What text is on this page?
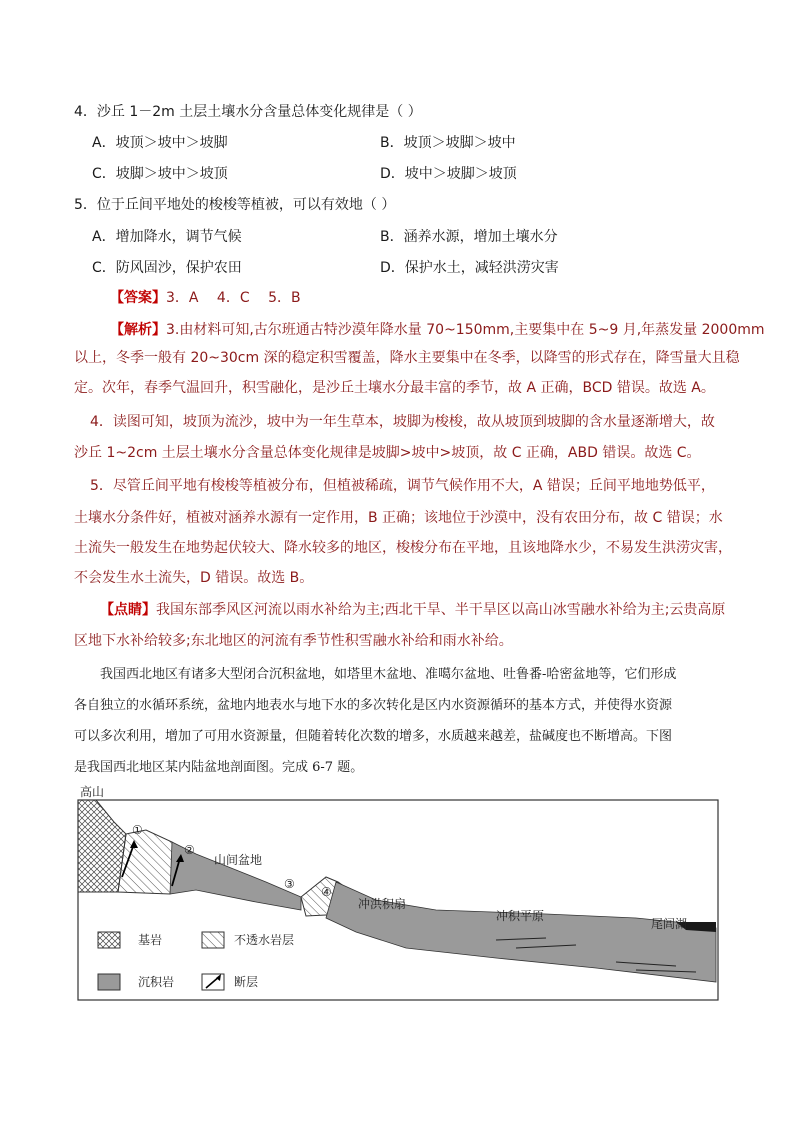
4．沙丘 1－2m 土层土壤水分含量总体变化规律是（ ）
A．坡顶＞坡中＞坡脚	B．坡顶＞坡脚＞坡中
C．坡脚＞坡中＞坡顶	D．坡中＞坡脚＞坡顶
5．位于丘间平地处的梭梭等植被，可以有效地（ ）
A．增加降水，调节气候	B．涵养水源，增加土壤水分
C．防风固沙，保护农田	D．保护水土，减轻洪涝灾害
【答案】3．A　 4．C　 5．B
【解析】3.由材料可知,古尔班通古特沙漠年降水量 70~150mm,主要集中在 5~9 月,年蒸发量 2000mm
以上，冬季一般有 20~30cm 深的稳定积雪覆盖，降水主要集中在冬季，以降雪的形式存在，降雪量大且稳
定。次年，春季气温回升，积雪融化，是沙丘土壤水分最丰富的季节，故 A 正确，BCD 错误。故选 A。
4．读图可知，坡顶为流沙，坡中为一年生草本，坡脚为梭梭，故从坡顶到坡脚的含水量逐渐增大，故
沙丘 1~2cm 土层土壤水分含量总体变化规律是坡脚>坡中>坡顶，故 C 正确，ABD 错误。故选 C。
5．尽管丘间平地有梭梭等植被分布，但植被稀疏，调节气候作用不大，A 错误；丘间平地地势低平，
土壤水分条件好，植被对涵养水源有一定作用，B 正确；该地位于沙漠中，没有农田分布，故 C 错误；水
土流失一般发生在地势起伏较大、降水较多的地区，梭梭分布在平地，且该地降水少，不易发生洪涝灾害，
不会发生水土流失，D 错误。故选 B。
【点睛】我国东部季风区河流以雨水补给为主;西北干旱、半干旱区以高山冰雪融水补给为主;云贵高原
区地下水补给较多;东北地区的河流有季节性积雪融水补给和雨水补给。
我国西北地区有诸多大型闭合沉积盆地，如塔里木盆地、准噶尔盆地、吐鲁番-哈密盆地等，它们形成
各自独立的水循环系统，盆地内地表水与地下水的多次转化是区内水资源循环的基本方式，并使得水资源
可以多次利用，增加了可用水资源量，但随着转化次数的增多，水质越来越差，盐碱度也不断增高。下图
是我国西北地区某内陆盆地剖面图。完成 6-7 题。
高山
①
②
山间盆地
③
④
冲洪积扇
冲积平原
尾闾湖
基岩	不透水岩层
沉积岩	断层
